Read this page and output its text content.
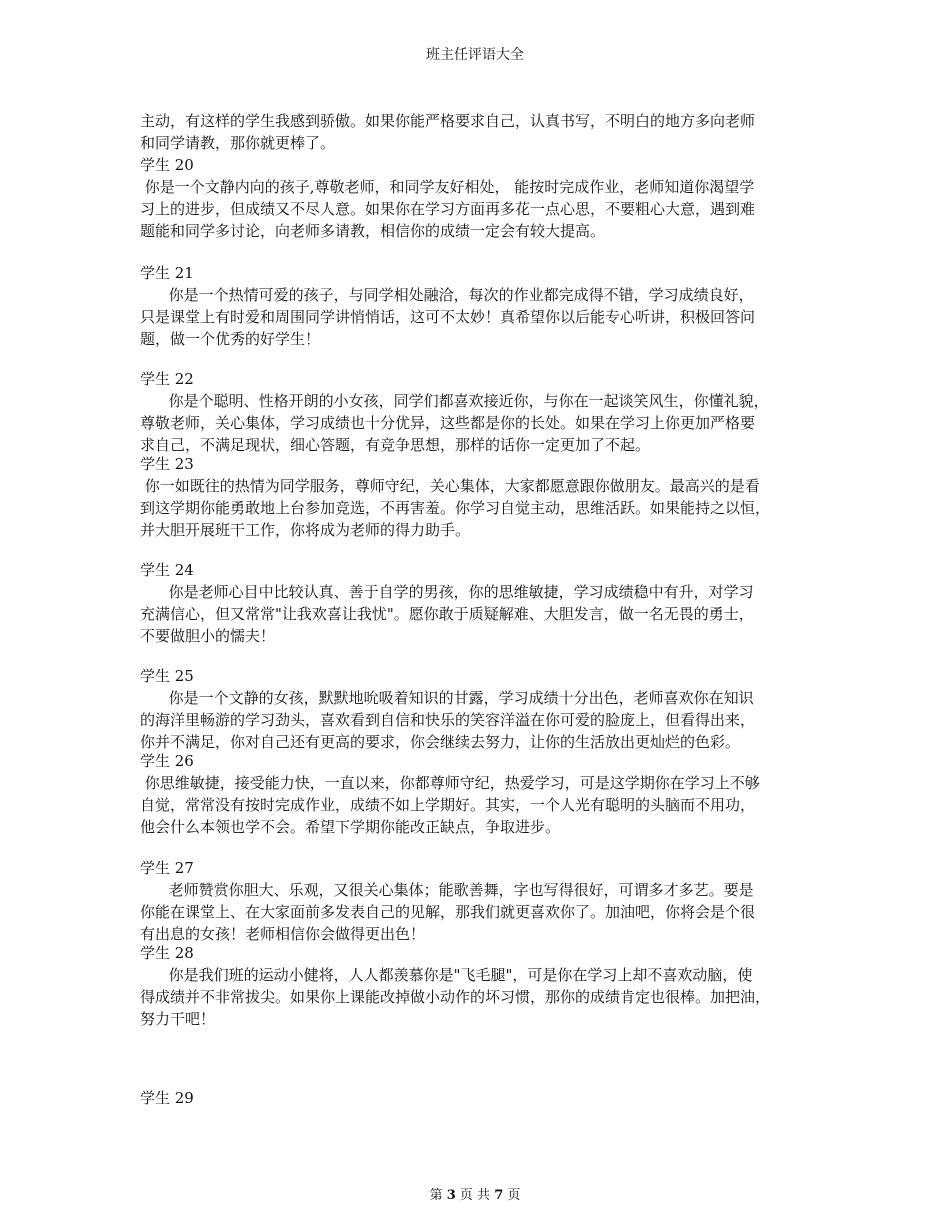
班主任评语大全
主动，有这样的学生我感到骄傲。如果你能严格要求自己，认真书写，不明白的地方多向老师
和同学请教，那你就更棒了。
学生 20
你是一个文静内向的孩子,尊敬老师，和同学友好相处， 能按时完成作业，老师知道你渴望学
习上的进步，但成绩又不尽人意。如果你在学习方面再多花一点心思，不要粗心大意，遇到难
题能和同学多讨论，向老师多请教，相信你的成绩一定会有较大提高。
学生 21
你是一个热情可爱的孩子，与同学相处融洽，每次的作业都完成得不错，学习成绩良好，
只是课堂上有时爱和周围同学讲悄悄话，这可不太妙！真希望你以后能专心听讲，积极回答问
题，做一个优秀的好学生！
学生 22
你是个聪明、性格开朗的小女孩，同学们都喜欢接近你，与你在一起谈笑风生，你懂礼貌，
尊敬老师，关心集体，学习成绩也十分优异，这些都是你的长处。如果在学习上你更加严格要
求自己，不满足现状，细心答题，有竞争思想，那样的话你一定更加了不起。
学生 23
你一如既往的热情为同学服务，尊师守纪，关心集体，大家都愿意跟你做朋友。最高兴的是看
到这学期你能勇敢地上台参加竞选，不再害羞。你学习自觉主动，思维活跃。如果能持之以恒，
并大胆开展班干工作，你将成为老师的得力助手。
学生 24
你是老师心目中比较认真、善于自学的男孩，你的思维敏捷，学习成绩稳中有升，对学习
充满信心，但又常常"让我欢喜让我忧"。愿你敢于质疑解难、大胆发言，做一名无畏的勇士，
不要做胆小的懦夫！
学生 25
你是一个文静的女孩，默默地吮吸着知识的甘露，学习成绩十分出色，老师喜欢你在知识
的海洋里畅游的学习劲头，喜欢看到自信和快乐的笑容洋溢在你可爱的脸庞上，但看得出来，
你并不满足，你对自己还有更高的要求，你会继续去努力，让你的生活放出更灿烂的色彩。
学生 26
你思维敏捷，接受能力快，一直以来，你都尊师守纪，热爱学习，可是这学期你在学习上不够
自觉，常常没有按时完成作业，成绩不如上学期好。其实，一个人光有聪明的头脑而不用功，
他会什么本领也学不会。希望下学期你能改正缺点，争取进步。
学生 27
老师赞赏你胆大、乐观，又很关心集体；能歌善舞，字也写得很好，可谓多才多艺。要是
你能在课堂上、在大家面前多发表自己的见解，那我们就更喜欢你了。加油吧，你将会是个很
有出息的女孩！老师相信你会做得更出色！
学生 28
你是我们班的运动小健将，人人都羡慕你是"飞毛腿"，可是你在学习上却不喜欢动脑，使
得成绩并不非常拔尖。如果你上课能改掉做小动作的坏习惯，那你的成绩肯定也很棒。加把油，
努力干吧！
学生 29
第 3 页 共 7 页
